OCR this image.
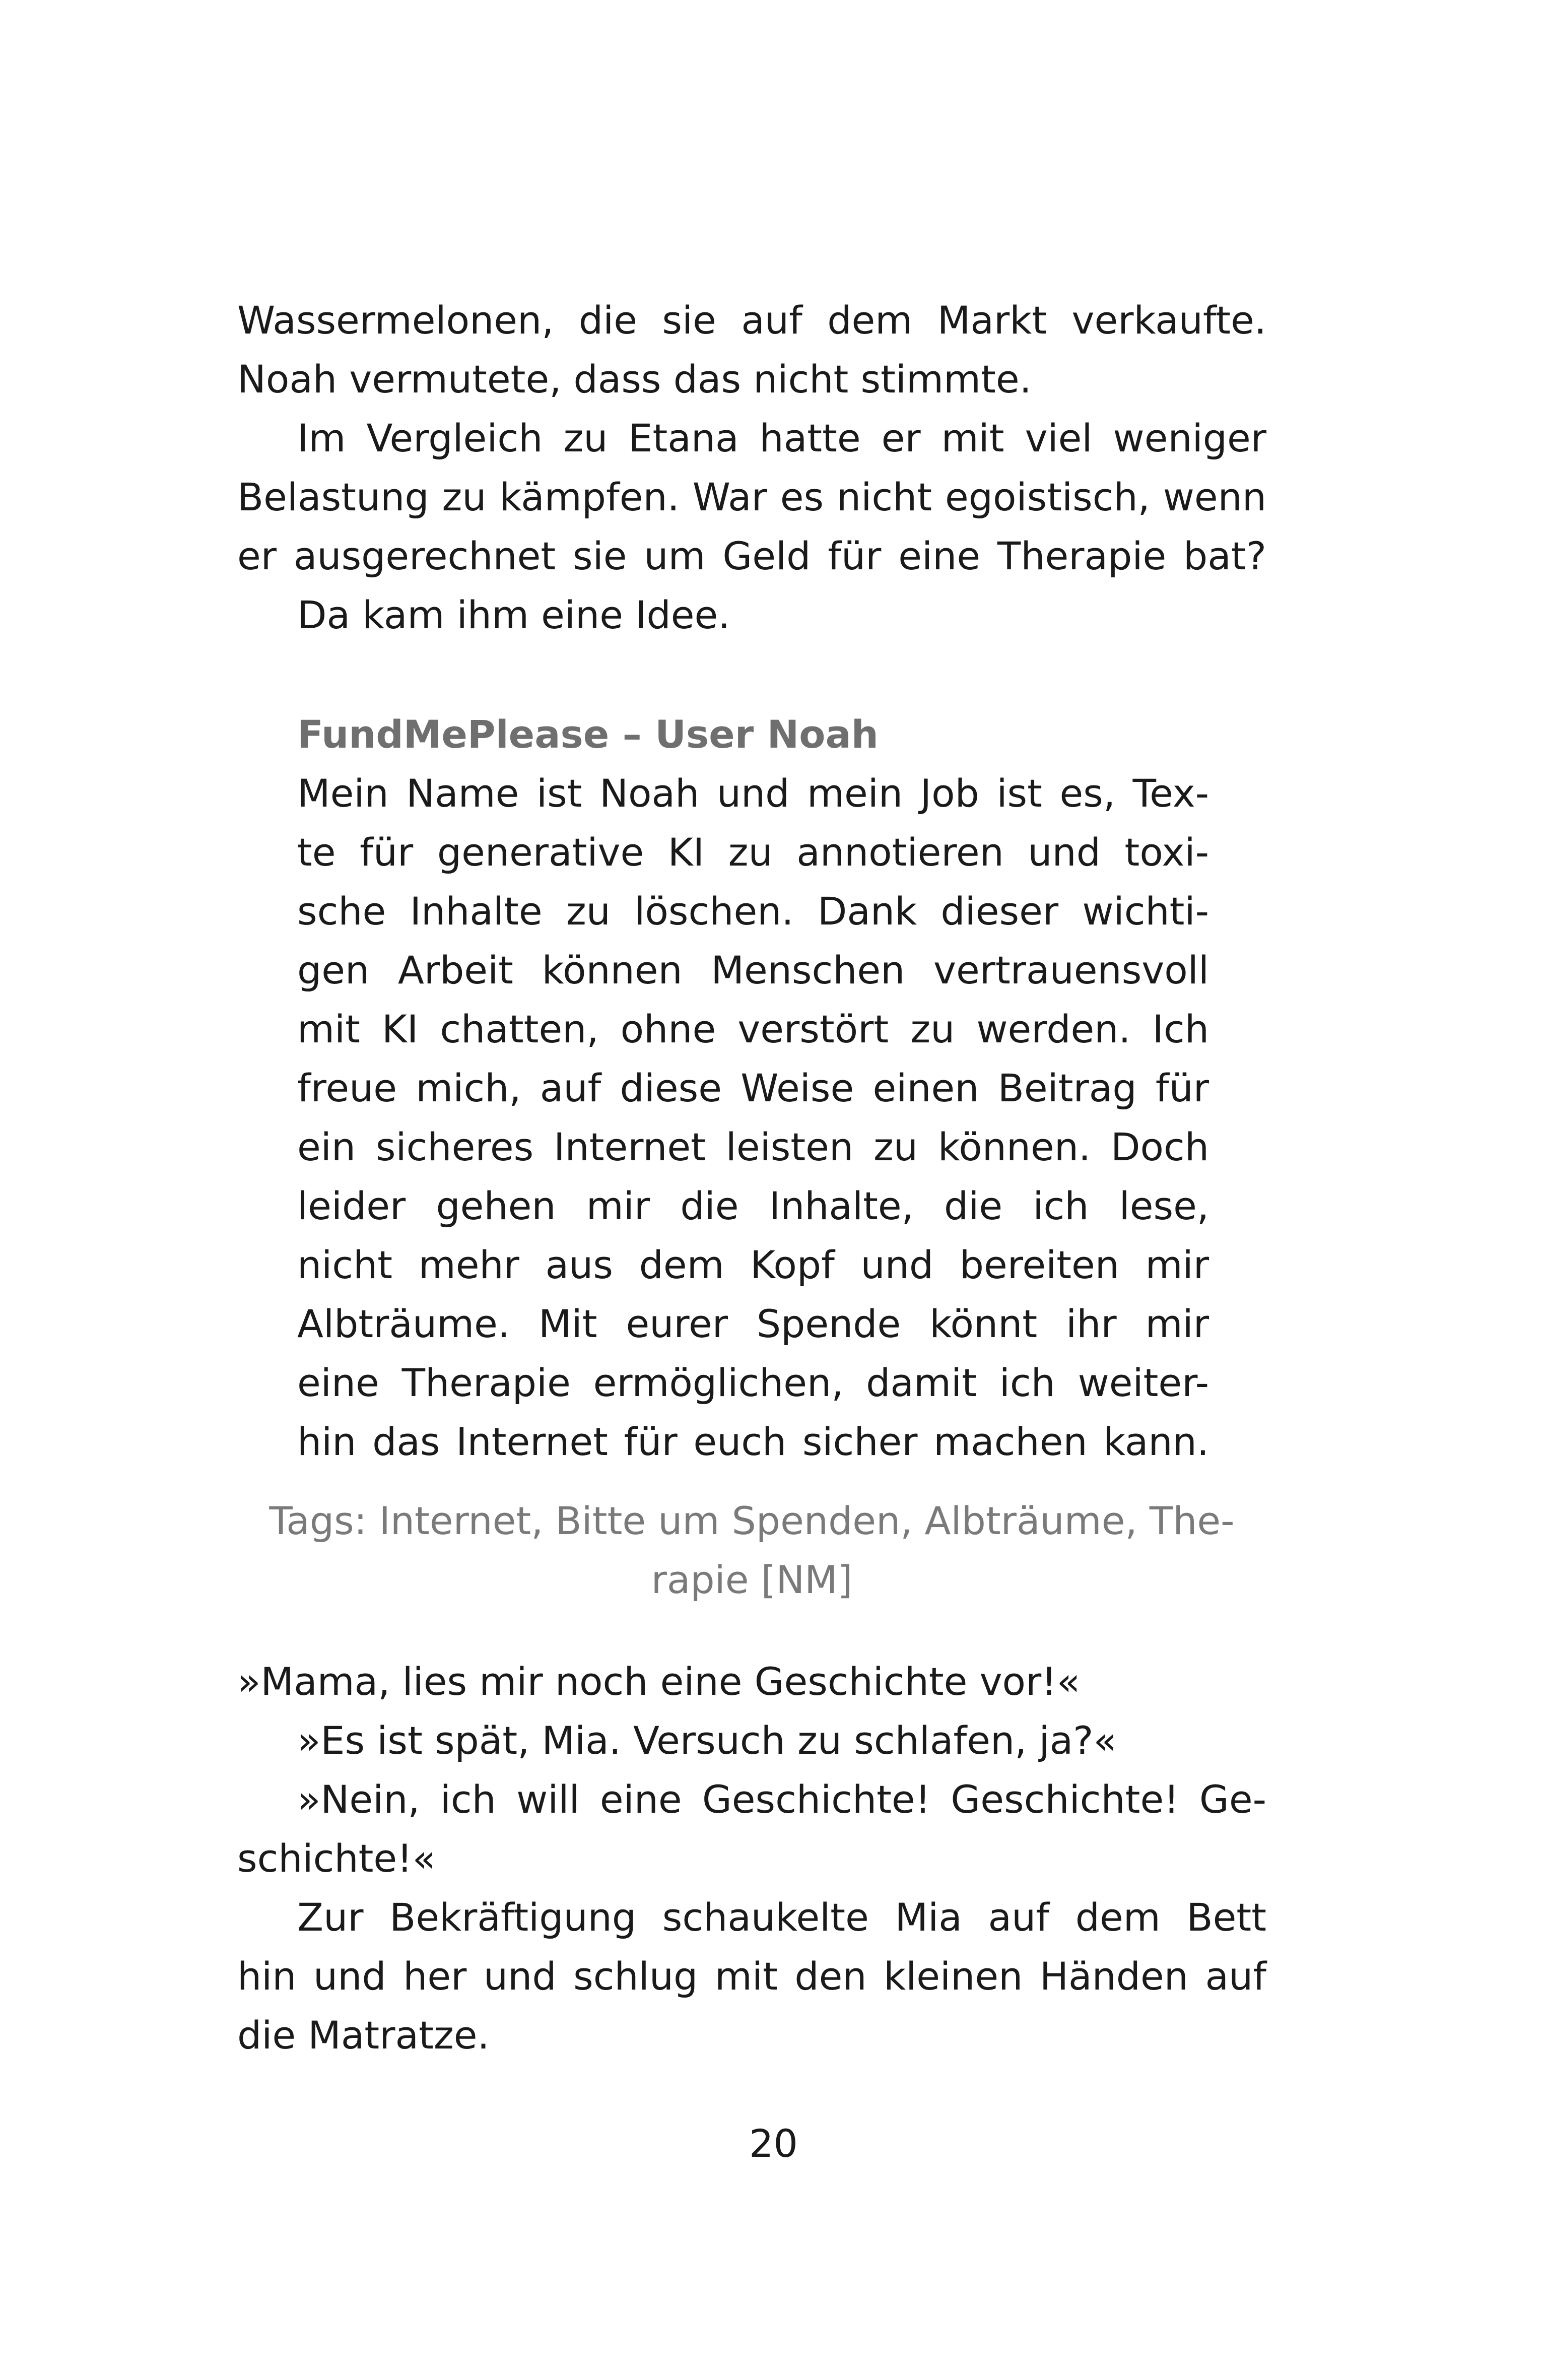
Wassermelonen, die sie auf dem Markt verkaufte.
Noah vermutete, dass das nicht stimmte.
Im Vergleich zu Etana hatte er mit viel weniger
Belastung zu kämpfen. War es nicht egoistisch, wenn
er ausgerechnet sie um Geld für eine Therapie bat?
Da kam ihm eine Idee.
FundMePlease – User Noah
Mein Name ist Noah und mein Job ist es, Tex-
te für generative KI zu annotieren und toxi-
sche Inhalte zu löschen. Dank dieser wichti-
gen Arbeit können Menschen vertrauensvoll
mit KI chatten, ohne verstört zu werden. Ich
freue mich, auf diese Weise einen Beitrag für
ein sicheres Internet leisten zu können. Doch
leider gehen mir die Inhalte, die ich lese,
nicht mehr aus dem Kopf und bereiten mir
Albträume. Mit eurer Spende könnt ihr mir
eine Therapie ermöglichen, damit ich weiter-
hin das Internet für euch sicher machen kann.
Tags: Internet, Bitte um Spenden, Albträume, The-
rapie [NM]
»Mama, lies mir noch eine Geschichte vor!«
»Es ist spät, Mia. Versuch zu schlafen, ja?«
»Nein, ich will eine Geschichte! Geschichte! Ge-
schichte!«
Zur Bekräftigung schaukelte Mia auf dem Bett
hin und her und schlug mit den kleinen Händen auf
die Matratze.
20
